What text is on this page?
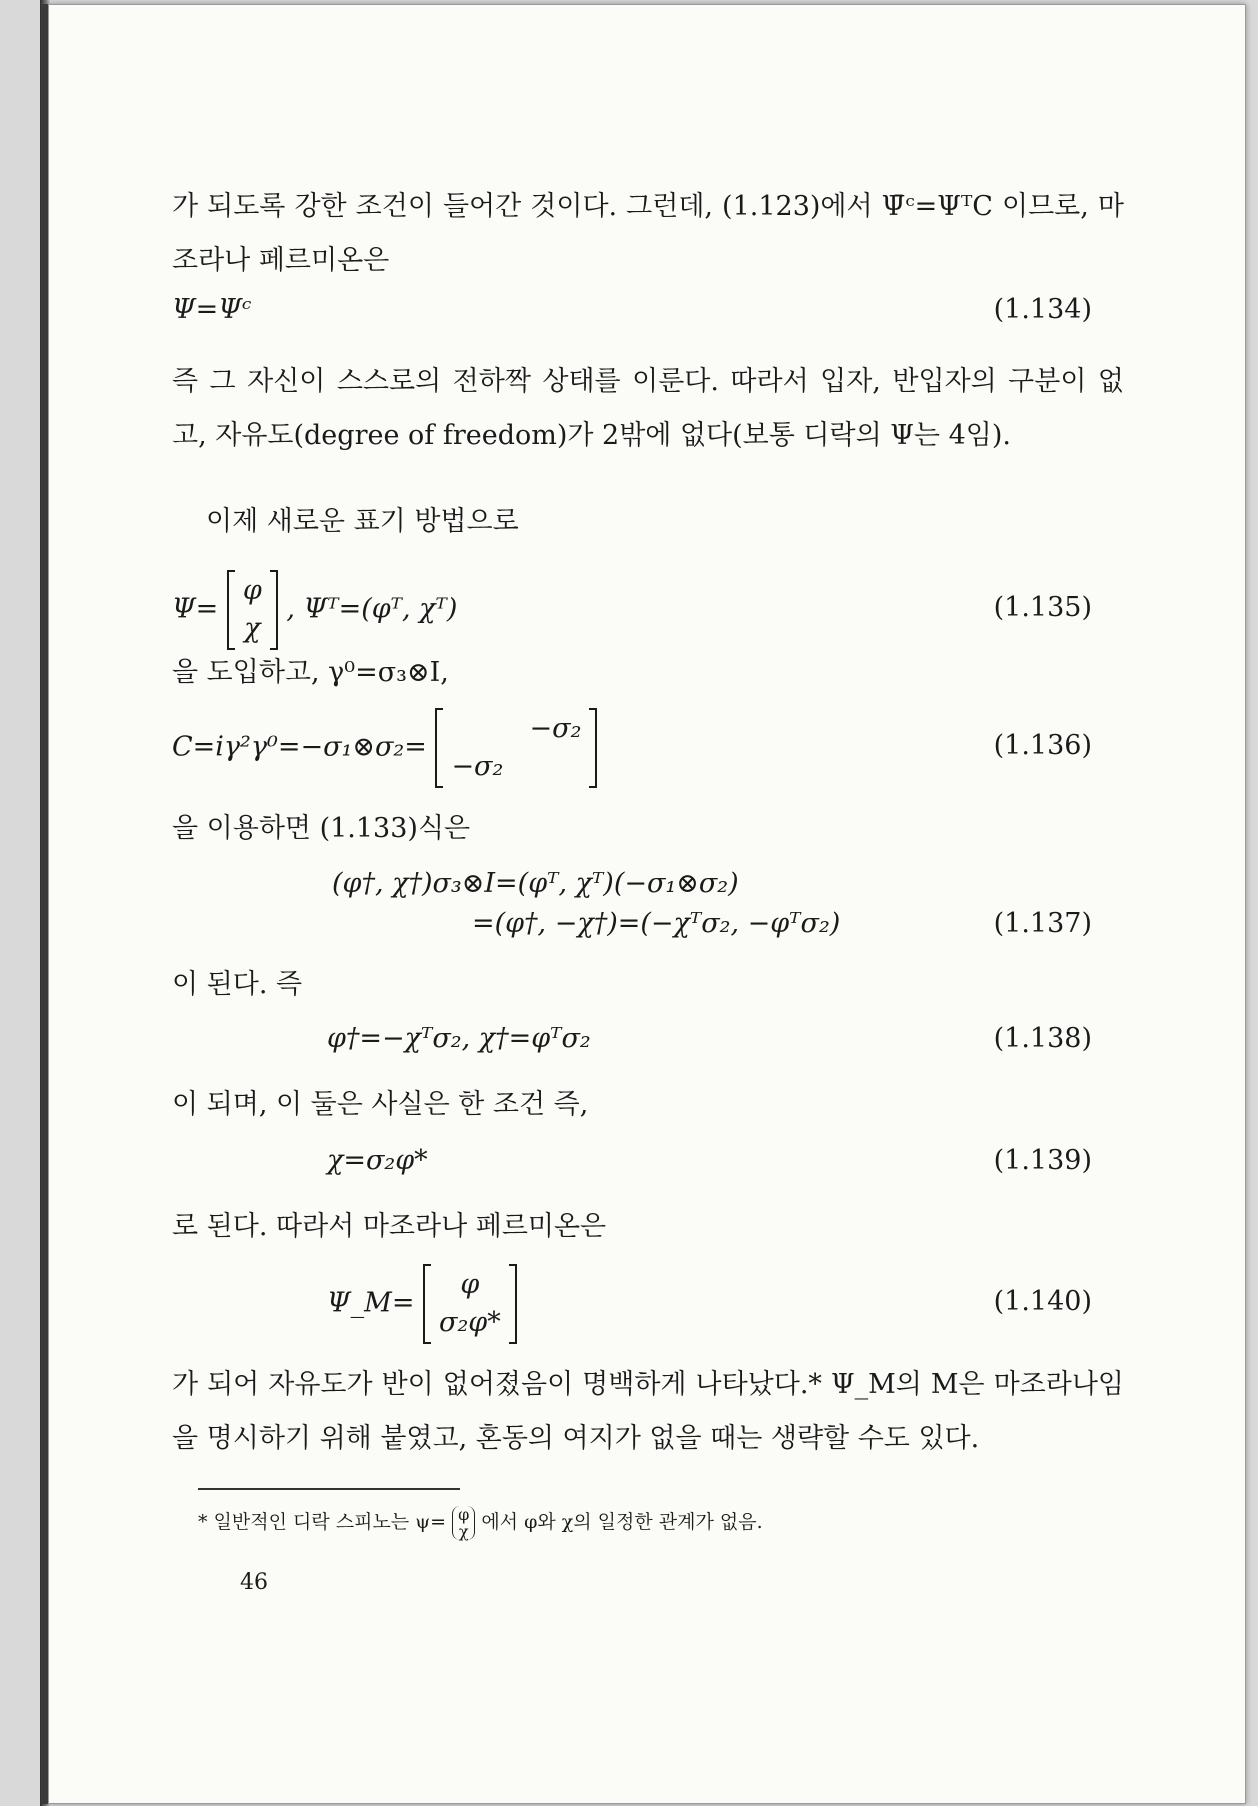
가 되도록 강한 조건이 들어간 것이다. 그런데, (1.123)에서 Ψ̄ᶜ=ΨᵀC 이므로, 마조라나 페르미온은

Ψ=Ψᶜ	(1.134)

즉 그 자신이 스스로의 전하짝 상태를 이룬다. 따라서 입자, 반입자의 구분이 없고, 자유도(degree of freedom)가 2밖에 없다(보통 디락의 Ψ는 4임).

이제 새로운 표기 방법으로

Ψ=
φ
χ
, Ψᵀ=(φᵀ, χᵀ)	(1.135)

을 도입하고, γ⁰=σ₃⊗I,

C=iγ²γ⁰=−σ₁⊗σ₂=
−σ₂
−σ₂
(1.136)

을 이용하면 (1.133)식은

(φ†, χ†)σ₃⊗I=(φᵀ, χᵀ)(−σ₁⊗σ₂)
=(φ†, −χ†)=(−χᵀσ₂, −φᵀσ₂)	(1.137)

이 된다. 즉

φ†=−χᵀσ₂, χ†=φᵀσ₂	(1.138)

이 되며, 이 둘은 사실은 한 조건 즉,

χ=σ₂φ*	(1.139)

로 된다. 따라서 마조라나 페르미온은

Ψ_M=
φ
σ₂φ*
(1.140)

가 되어 자유도가 반이 없어졌음이 명백하게 나타났다.* Ψ_M의 M은 마조라나임을 명시하기 위해 붙였고, 혼동의 여지가 없을 때는 생략할 수도 있다.

* 일반적인 디락 스피노는 ψ= φ
χ 에서 φ와 χ의 일정한 관계가 없음.
46
